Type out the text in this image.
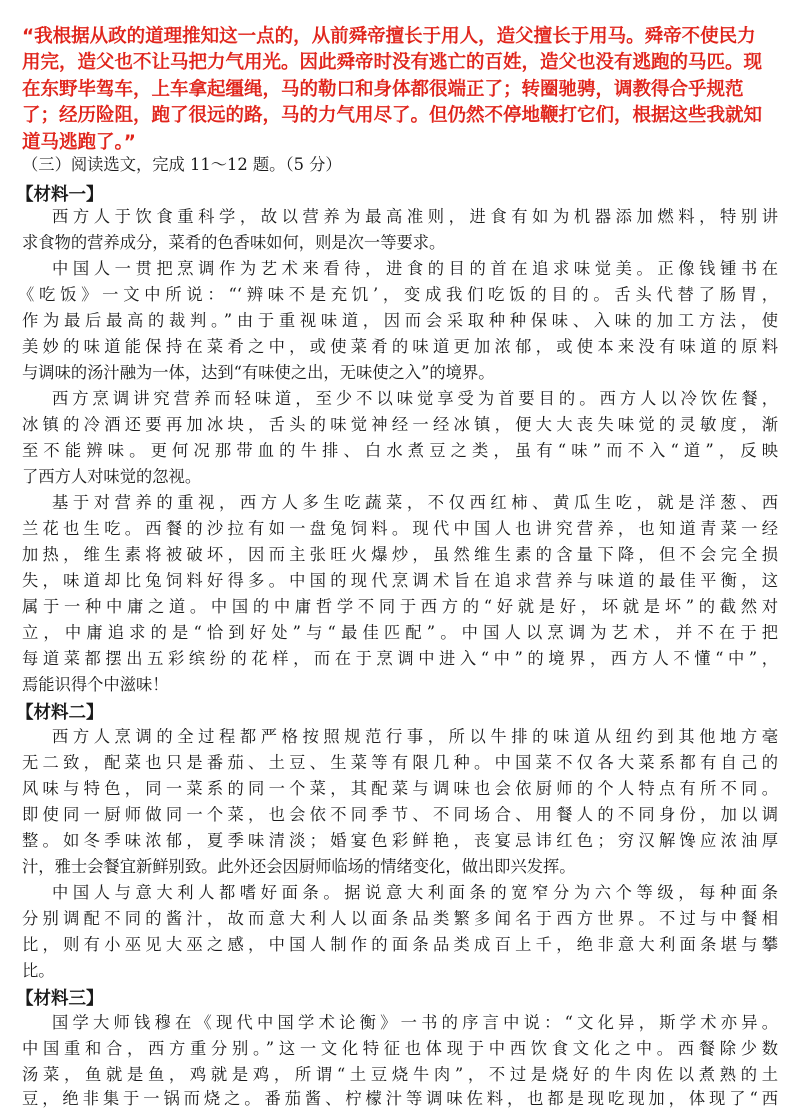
“我根据从政的道理推知这一点的，从前舜帝擅长于用人，造父擅长于用马。舜帝不使民力用完，造父也不让马把力气用光。因此舜帝时没有逃亡的百姓，造父也没有逃跑的马匹。现在东野毕驾车，上车拿起缰绳，马的勒口和身体都很端正了；转圈驰骋，调教得合乎规范了；经历险阻，跑了很远的路，马的力气用尽了。但仍然不停地鞭打它们，根据这些我就知道马逃跑了。”
（三）阅读选文，完成 11～12 题。（5 分）
【材料一】
西方人于饮食重科学，故以营养为最高准则，进食有如为机器添加燃料，特别讲
求食物的营养成分，菜肴的色香味如何，则是次一等要求。
中国人一贯把烹调作为艺术来看待，进食的目的首在追求味觉美。正像钱锺书在
《吃饭》一文中所说：“‘辨味不是充饥’，变成我们吃饭的目的。舌头代替了肠胃，
作为最后最高的裁判。”由于重视味道，因而会采取种种保味、入味的加工方法，使
美妙的味道能保持在菜肴之中，或使菜肴的味道更加浓郁，或使本来没有味道的原料
与调味的汤汁融为一体，达到“有味使之出，无味使之入”的境界。
西方烹调讲究营养而轻味道，至少不以味觉享受为首要目的。西方人以冷饮佐餐，
冰镇的冷酒还要再加冰块，舌头的味觉神经一经冰镇，便大大丧失味觉的灵敏度，渐
至不能辨味。更何况那带血的牛排、白水煮豆之类，虽有“味”而不入“道”，反映
了西方人对味觉的忽视。
基于对营养的重视，西方人多生吃蔬菜，不仅西红柿、黄瓜生吃，就是洋葱、西
兰花也生吃。西餐的沙拉有如一盘兔饲料。现代中国人也讲究营养，也知道青菜一经
加热，维生素将被破坏，因而主张旺火爆炒，虽然维生素的含量下降，但不会完全损
失，味道却比兔饲料好得多。中国的现代烹调术旨在追求营养与味道的最佳平衡，这
属于一种中庸之道。中国的中庸哲学不同于西方的“好就是好，坏就是坏”的截然对
立，中庸追求的是“恰到好处”与“最佳匹配”。中国人以烹调为艺术，并不在于把
每道菜都摆出五彩缤纷的花样，而在于烹调中进入“中”的境界，西方人不懂“中”，
焉能识得个中滋味！
【材料二】
西方人烹调的全过程都严格按照规范行事，所以牛排的味道从纽约到其他地方毫
无二致，配菜也只是番茄、土豆、生菜等有限几种。中国菜不仅各大菜系都有自己的
风味与特色，同一菜系的同一个菜，其配菜与调味也会依厨师的个人特点有所不同。
即使同一厨师做同一个菜，也会依不同季节、不同场合、用餐人的不同身份，加以调
整。如冬季味浓郁，夏季味清淡；婚宴色彩鲜艳，丧宴忌讳红色；穷汉解馋应浓油厚
汁，雅士会餐宜新鲜别致。此外还会因厨师临场的情绪变化，做出即兴发挥。
中国人与意大利人都嗜好面条。据说意大利面条的宽窄分为六个等级，每种面条
分别调配不同的酱汁，故而意大利人以面条品类繁多闻名于西方世界。不过与中餐相
比，则有小巫见大巫之感，中国人制作的面条品类成百上千，绝非意大利面条堪与攀
比。
【材料三】
国学大师钱穆在《现代中国学术论衡》一书的序言中说：“文化异，斯学术亦异。
中国重和合，西方重分别。”这一文化特征也体现于中西饮食文化之中。西餐除少数
汤菜，鱼就是鱼，鸡就是鸡，所谓“土豆烧牛肉”，不过是烧好的牛肉佐以煮熟的土
豆，绝非集于一锅而烧之。番茄酱、柠檬汁等调味佐料，也都是现吃现加，体现了“西
